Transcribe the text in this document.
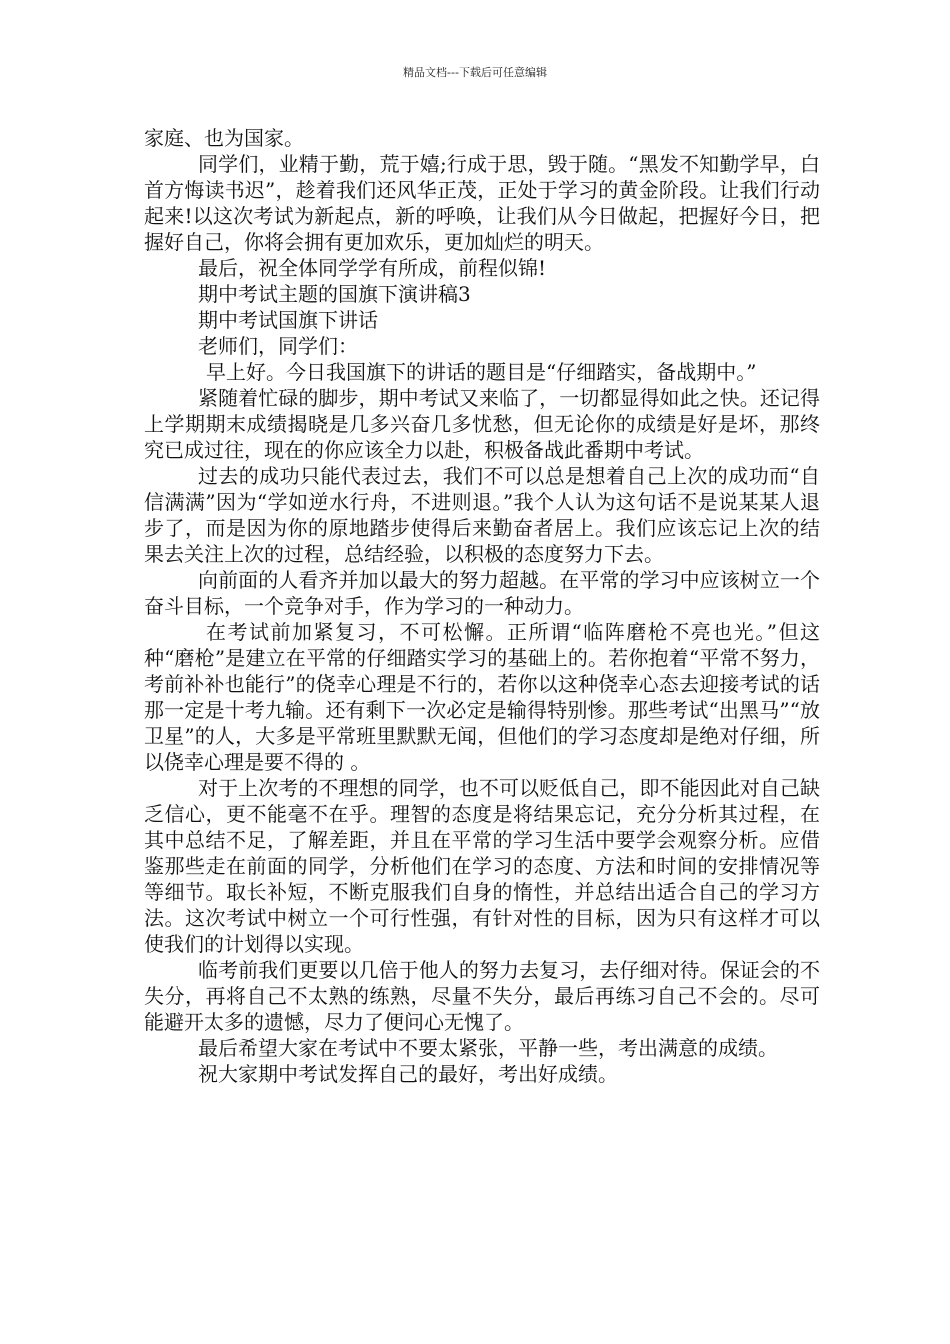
精品文档---下载后可任意编辑

家庭、也为国家。

同学们，业精于勤，荒于嬉;行成于思，毁于随。“黑发不知勤学早，白首方悔读书迟”，趁着我们还风华正茂，正处于学习的黄金阶段。让我们行动起来!以这次考试为新起点，新的呼唤，让我们从今日做起，把握好今日，把握好自己，你将会拥有更加欢乐，更加灿烂的明天。

最后，祝全体同学学有所成，前程似锦!

期中考试主题的国旗下演讲稿3

期中考试国旗下讲话

老师们，同学们：

早上好。今日我国旗下的讲话的题目是“仔细踏实，备战期中。”

紧随着忙碌的脚步，期中考试又来临了，一切都显得如此之快。还记得上学期期末成绩揭晓是几多兴奋几多忧愁，但无论你的成绩是好是坏，那终究已成过往，现在的你应该全力以赴，积极备战此番期中考试。

过去的成功只能代表过去，我们不可以总是想着自己上次的成功而“自信满满”因为“学如逆水行舟，不进则退。”我个人认为这句话不是说某某人退步了，而是因为你的原地踏步使得后来勤奋者居上。我们应该忘记上次的结果去关注上次的过程，总结经验，以积极的态度努力下去。

向前面的人看齐并加以最大的努力超越。在平常的学习中应该树立一个奋斗目标，一个竞争对手，作为学习的一种动力。

在考试前加紧复习，不可松懈。正所谓“临阵磨枪不亮也光。”但这种“磨枪”是建立在平常的仔细踏实学习的基础上的。若你抱着“平常不努力，考前补补也能行”的侥幸心理是不行的，若你以这种侥幸心态去迎接考试的话那一定是十考九输。还有剩下一次必定是输得特别惨。那些考试“出黑马”“放卫星”的人，大多是平常班里默默无闻，但他们的学习态度却是绝对仔细，所以侥幸心理是要不得的 。

对于上次考的不理想的同学，也不可以贬低自己，即不能因此对自己缺乏信心，更不能毫不在乎。理智的态度是将结果忘记，充分分析其过程，在其中总结不足，了解差距，并且在平常的学习生活中要学会观察分析。应借鉴那些走在前面的同学，分析他们在学习的态度、方法和时间的安排情况等等细节。取长补短，不断克服我们自身的惰性，并总结出适合自己的学习方法。这次考试中树立一个可行性强，有针对性的目标，因为只有这样才可以使我们的计划得以实现。

临考前我们更要以几倍于他人的努力去复习，去仔细对待。保证会的不失分，再将自己不太熟的练熟，尽量不失分，最后再练习自己不会的。尽可能避开太多的遗憾，尽力了便问心无愧了。

最后希望大家在考试中不要太紧张，平静一些，考出满意的成绩。

祝大家期中考试发挥自己的最好，考出好成绩。
